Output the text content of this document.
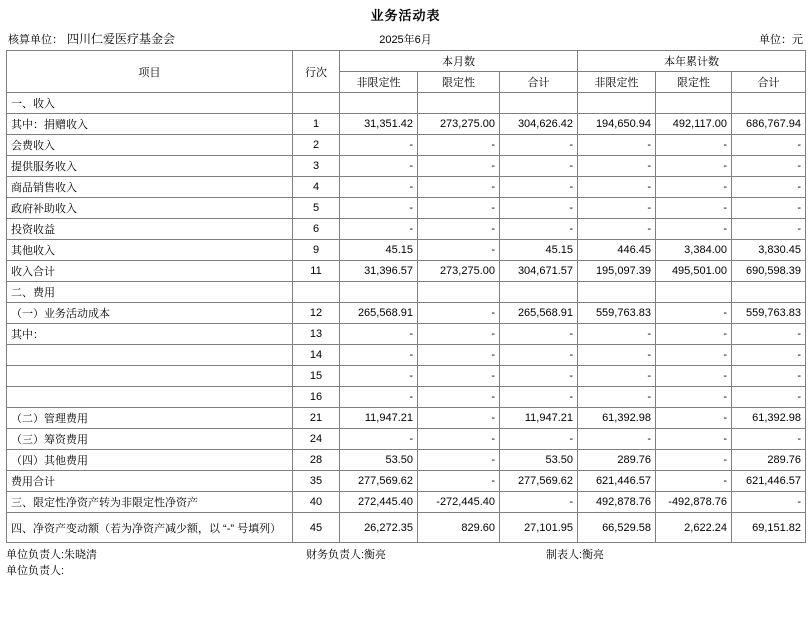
业务活动表
核算单位： 四川仁爱医疗基金会	单位：元
2025年6月
项目	行次	本月数			本年累计数		
		非限定性	限定性	合计	非限定性	限定性	合计
一、收入							
其中：捐赠收入	1	31,351.42	273,275.00	304,626.42	194,650.94	492,117.00	686,767.94
会费收入	2	-	-	-	-	-	-
提供服务收入	3	-	-	-	-	-	-
商品销售收入	4	-	-	-	-	-	-
政府补助收入	5	-	-	-	-	-	-
投资收益	6	-	-	-	-	-	-
其他收入	9	45.15	-	45.15	446.45	3,384.00	3,830.45
收入合计	11	31,396.57	273,275.00	304,671.57	195,097.39	495,501.00	690,598.39
二、费用							
（一）业务活动成本	12	265,568.91	-	265,568.91	559,763.83	-	559,763.83
其中：	13	-	-	-	-	-	-
	14	-	-	-	-	-	-
	15	-	-	-	-	-	-
	16	-	-	-	-	-	-
（二）管理费用	21	11,947.21	-	11,947.21	61,392.98	-	61,392.98
（三）筹资费用	24	-	-	-	-	-	-
（四）其他费用	28	53.50	-	53.50	289.76	-	289.76
费用合计	35	277,569.62	-	277,569.62	621,446.57	-	621,446.57
三、限定性净资产转为非限定性净资产	40	272,445.40	-272,445.40	-	492,878.76	-492,878.76	-
四、净资产变动额（若为净资产减少额，以 “-” 号填列）	45	26,272.35	829.60	27,101.95	66,529.58	2,622.24	69,151.82
单位负责人:朱晓清	财务负责人:衡亮	制表人:衡亮
单位负责人:
